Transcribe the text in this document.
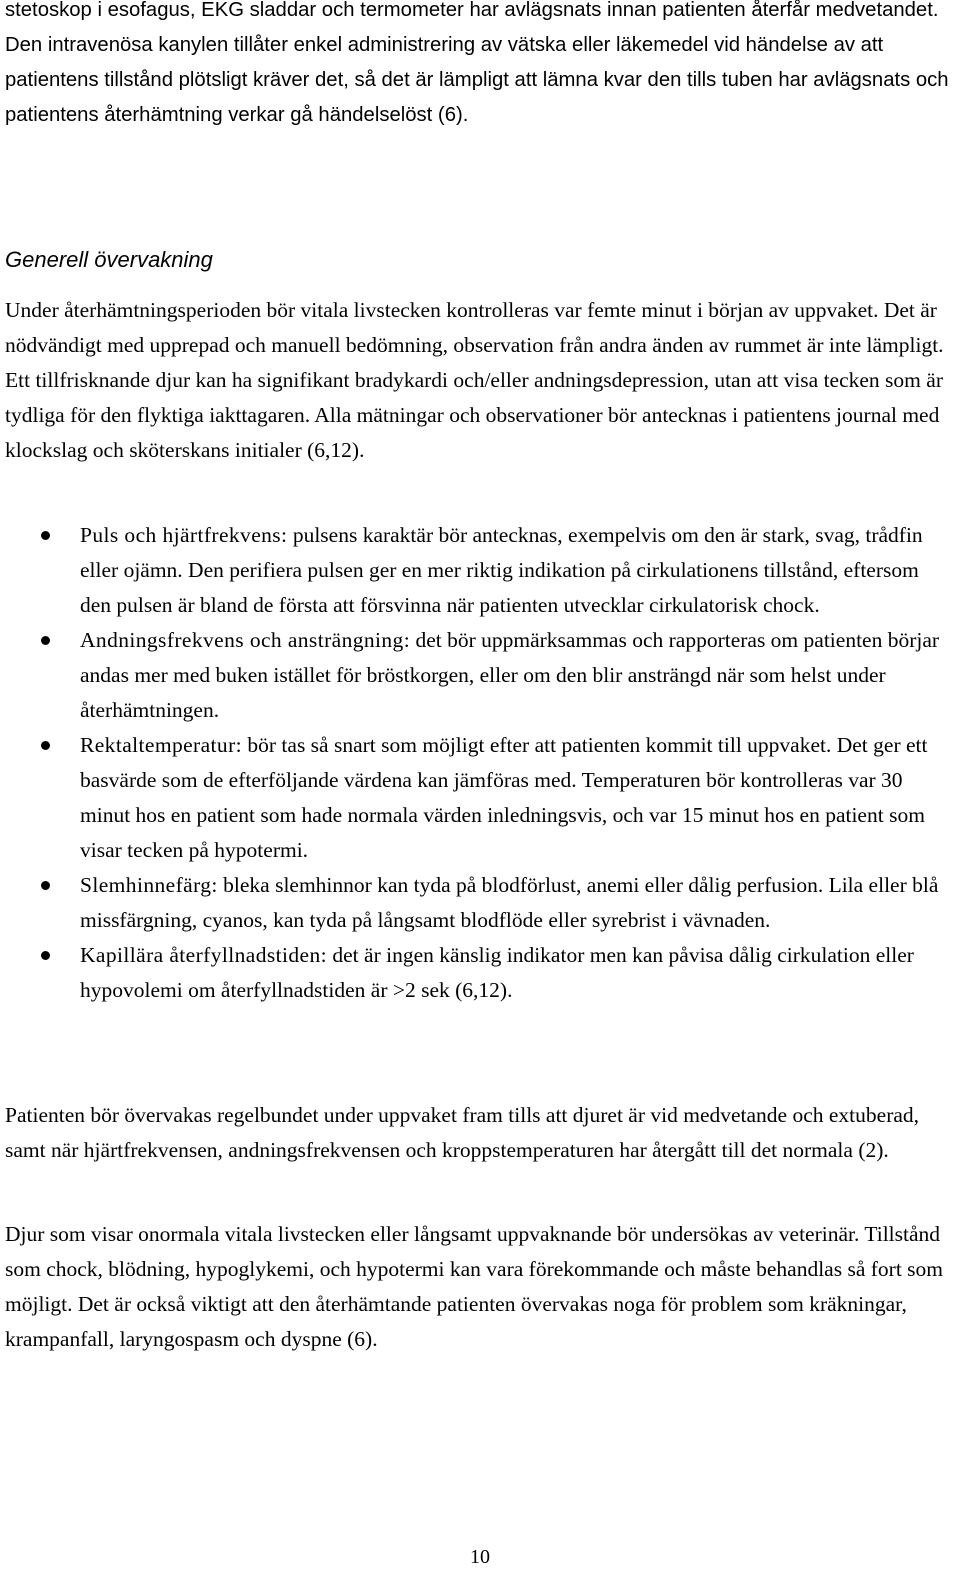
stetoskop i esofagus, EKG sladdar och termometer har avlägsnats innan patienten återfår medvetandet. Den intravenösa kanylen tillåter enkel administrering av vätska eller läkemedel vid händelse av att patientens tillstånd plötsligt kräver det, så det är lämpligt att lämna kvar den tills tuben har avlägsnats och patientens återhämtning verkar gå händelselöst (6).

Generell övervakning

Under återhämtningsperioden bör vitala livstecken kontrolleras var femte minut i början av uppvaket. Det är nödvändigt med upprepad och manuell bedömning, observation från andra änden av rummet är inte lämpligt. Ett tillfrisknande djur kan ha signifikant bradykardi och/eller andningsdepression, utan att visa tecken som är tydliga för den flyktiga iakttagaren. Alla mätningar och observationer bör antecknas i patientens journal med klockslag och sköterskans initialer (6,12).

Puls och hjärtfrekvens: pulsens karaktär bör antecknas, exempelvis om den är stark, svag, trådfin eller ojämn. Den perifiera pulsen ger en mer riktig indikation på cirkulationens tillstånd, eftersom den pulsen är bland de första att försvinna när patienten utvecklar cirkulatorisk chock.
Andningsfrekvens och ansträngning: det bör uppmärksammas och rapporteras om patienten börjar andas mer med buken istället för bröstkorgen, eller om den blir ansträngd när som helst under återhämtningen.
Rektaltemperatur: bör tas så snart som möjligt efter att patienten kommit till uppvaket. Det ger ett basvärde som de efterföljande värdena kan jämföras med. Temperaturen bör kontrolleras var 30 minut hos en patient som hade normala värden inledningsvis, och var 15 minut hos en patient som visar tecken på hypotermi.
Slemhinnefärg: bleka slemhinnor kan tyda på blodförlust, anemi eller dålig perfusion. Lila eller blå missfärgning, cyanos, kan tyda på långsamt blodflöde eller syrebrist i vävnaden.
Kapillära återfyllnadstiden: det är ingen känslig indikator men kan påvisa dålig cirkulation eller hypovolemi om återfyllnadstiden är >2 sek (6,12).

Patienten bör övervakas regelbundet under uppvaket fram tills att djuret är vid medvetande och extuberad, samt när hjärtfrekvensen, andningsfrekvensen och kroppstemperaturen har återgått till det normala (2).

Djur som visar onormala vitala livstecken eller långsamt uppvaknande bör undersökas av veterinär. Tillstånd som chock, blödning, hypoglykemi, och hypotermi kan vara förekommande och måste behandlas så fort som möjligt. Det är också viktigt att den återhämtande patienten övervakas noga för problem som kräkningar, krampanfall, laryngospasm och dyspne (6).

10
